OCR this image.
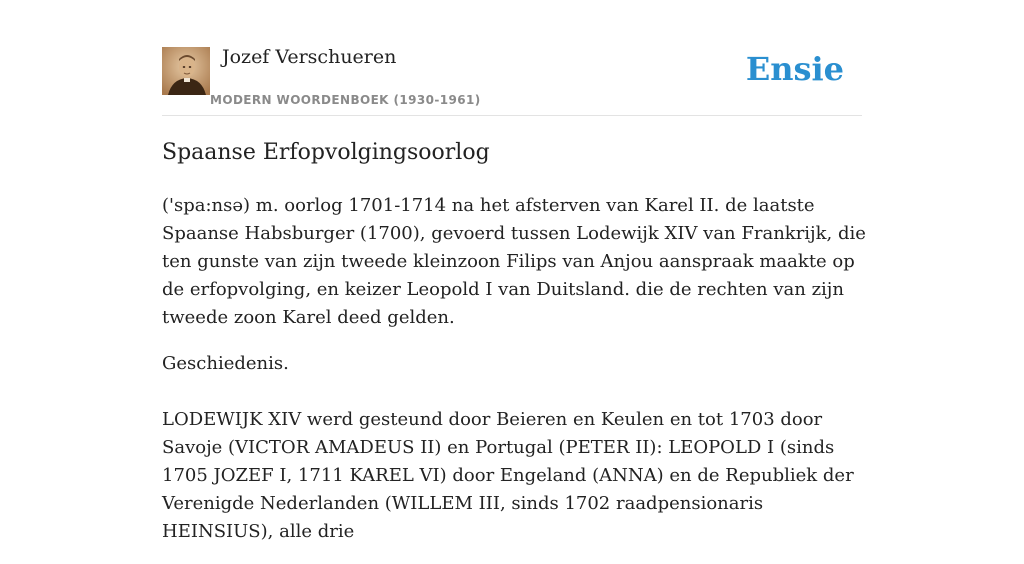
Jozef Verschueren
MODERN WOORDENBOEK (1930-1961)
Ensie
Spaanse Erfopvolgingsoorlog

('spa:nsə) m. oorlog 1701-1714 na het afsterven van Karel II. de laatste Spaanse Habsburger (1700), gevoerd tussen Lodewijk XIV van Frankrijk, die ten gunste van zijn tweede kleinzoon Filips van Anjou aanspraak maakte op de erfopvolging, en keizer Leopold I van Duitsland. die de rechten van zijn tweede zoon Karel deed gelden.

Geschiedenis.

LODEWIJK XIV werd gesteund door Beieren en Keulen en tot 1703 door Savoje (VICTOR AMADEUS II) en Portugal (PETER II): LEOPOLD I (sinds 1705 JOZEF I, 1711 KAREL VI) door Engeland (ANNA) en de Republiek der Verenigde Nederlanden (WILLEM III, sinds 1702 raadpensionaris HEINSIUS), alle drie
